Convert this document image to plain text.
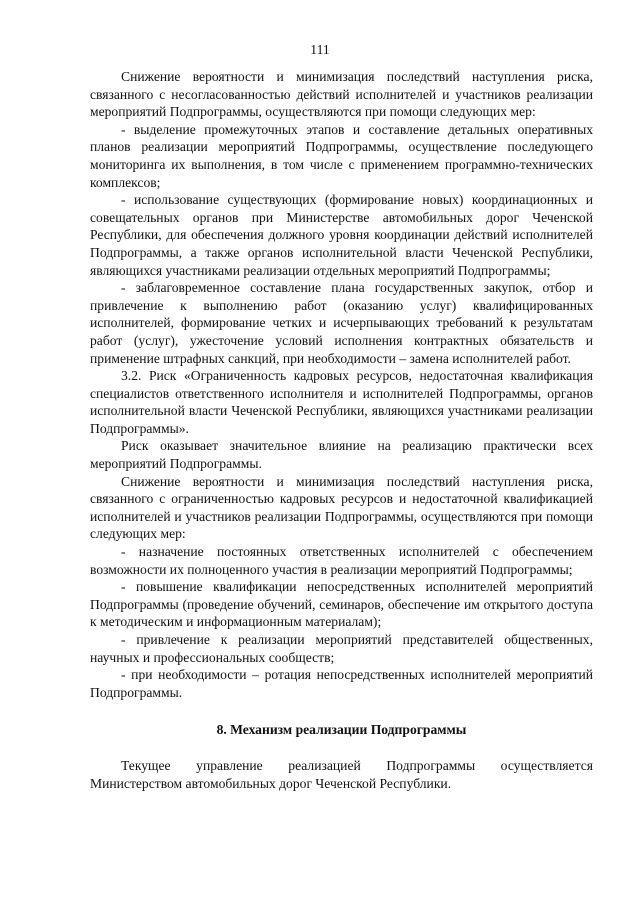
111

Снижение вероятности и минимизация последствий наступления риска, связанного с несогласованностью действий исполнителей и участников реализации мероприятий Подпрограммы, осуществляются при помощи следующих мер:

- выделение промежуточных этапов и составление детальных оперативных планов реализации мероприятий Подпрограммы, осуществление последующего мониторинга их выполнения, в том числе с применением программно-технических комплексов;

- использование существующих (формирование новых) координационных и совещательных органов при Министерстве автомобильных дорог Чеченской Республики, для обеспечения должного уровня координации действий исполнителей Подпрограммы, а также органов исполнительной власти Чеченской Республики, являющихся участниками реализации отдельных мероприятий Подпрограммы;

- заблаговременное составление плана государственных закупок, отбор и привлечение к выполнению работ (оказанию услуг) квалифицированных исполнителей, формирование четких и исчерпывающих требований к результатам работ (услуг), ужесточение условий исполнения контрактных обязательств и применение штрафных санкций, при необходимости – замена исполнителей работ.

3.2. Риск «Ограниченность кадровых ресурсов, недостаточная квалификация специалистов ответственного исполнителя и исполнителей Подпрограммы, органов исполнительной власти Чеченской Республики, являющихся участниками реализации Подпрограммы».

Риск оказывает значительное влияние на реализацию практически всех мероприятий Подпрограммы.

Снижение вероятности и минимизация последствий наступления риска, связанного с ограниченностью кадровых ресурсов и недостаточной квалификацией исполнителей и участников реализации Подпрограммы, осуществляются при помощи следующих мер:

- назначение постоянных ответственных исполнителей с обеспечением возможности их полноценного участия в реализации мероприятий Подпрограммы;

- повышение квалификации непосредственных исполнителей мероприятий Подпрограммы (проведение обучений, семинаров, обеспечение им открытого доступа к методическим и информационным материалам);

- привлечение к реализации мероприятий представителей общественных, научных и профессиональных сообществ;

- при необходимости – ротация непосредственных исполнителей мероприятий Подпрограммы.

8. Механизм реализации Подпрограммы

Текущее управление реализацией Подпрограммы осуществляется Министерством автомобильных дорог Чеченской Республики.
